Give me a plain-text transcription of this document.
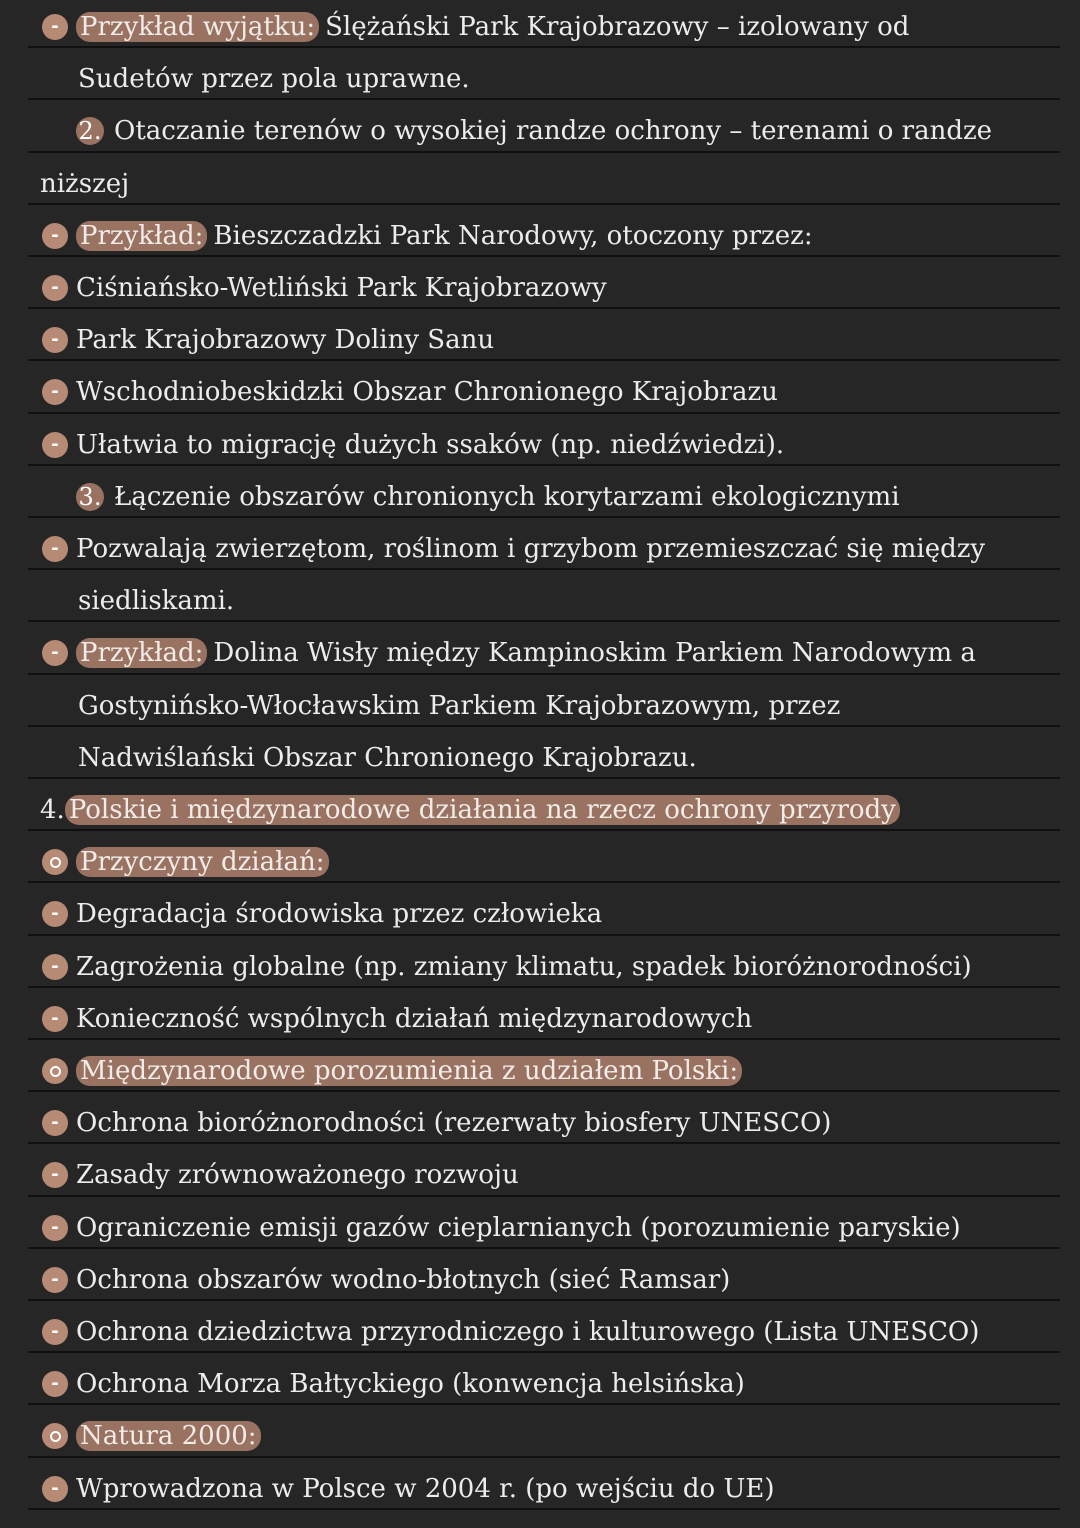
- Przykład wyjątku: Ślężański Park Krajobrazowy – izolowany od
Sudetów przez pola uprawne.
2. Otaczanie terenów o wysokiej randze ochrony – terenami o randze
niższej
- Przykład: Bieszczadzki Park Narodowy, otoczony przez:
- Ciśniańsko-Wetliński Park Krajobrazowy
- Park Krajobrazowy Doliny Sanu
- Wschodniobeskidzki Obszar Chronionego Krajobrazu
- Ułatwia to migrację dużych ssaków (np. niedźwiedzi).
3. Łączenie obszarów chronionych korytarzami ekologicznymi
- Pozwalają zwierzętom, roślinom i grzybom przemieszczać się między
siedliskami.
- Przykład: Dolina Wisły między Kampinoskim Parkiem Narodowym a
Gostynińsko-Włocławskim Parkiem Krajobrazowym, przez
Nadwiślański Obszar Chronionego Krajobrazu.
4. Polskie i międzynarodowe działania na rzecz ochrony przyrody
Przyczyny działań:
- Degradacja środowiska przez człowieka
- Zagrożenia globalne (np. zmiany klimatu, spadek bioróżnorodności)
- Konieczność wspólnych działań międzynarodowych
Międzynarodowe porozumienia z udziałem Polski:
- Ochrona bioróżnorodności (rezerwaty biosfery UNESCO)
- Zasady zrównoważonego rozwoju
- Ograniczenie emisji gazów cieplarnianych (porozumienie paryskie)
- Ochrona obszarów wodno-błotnych (sieć Ramsar)
- Ochrona dziedzictwa przyrodniczego i kulturowego (Lista UNESCO)
- Ochrona Morza Bałtyckiego (konwencja helsińska)
Natura 2000:
- Wprowadzona w Polsce w 2004 r. (po wejściu do UE)
